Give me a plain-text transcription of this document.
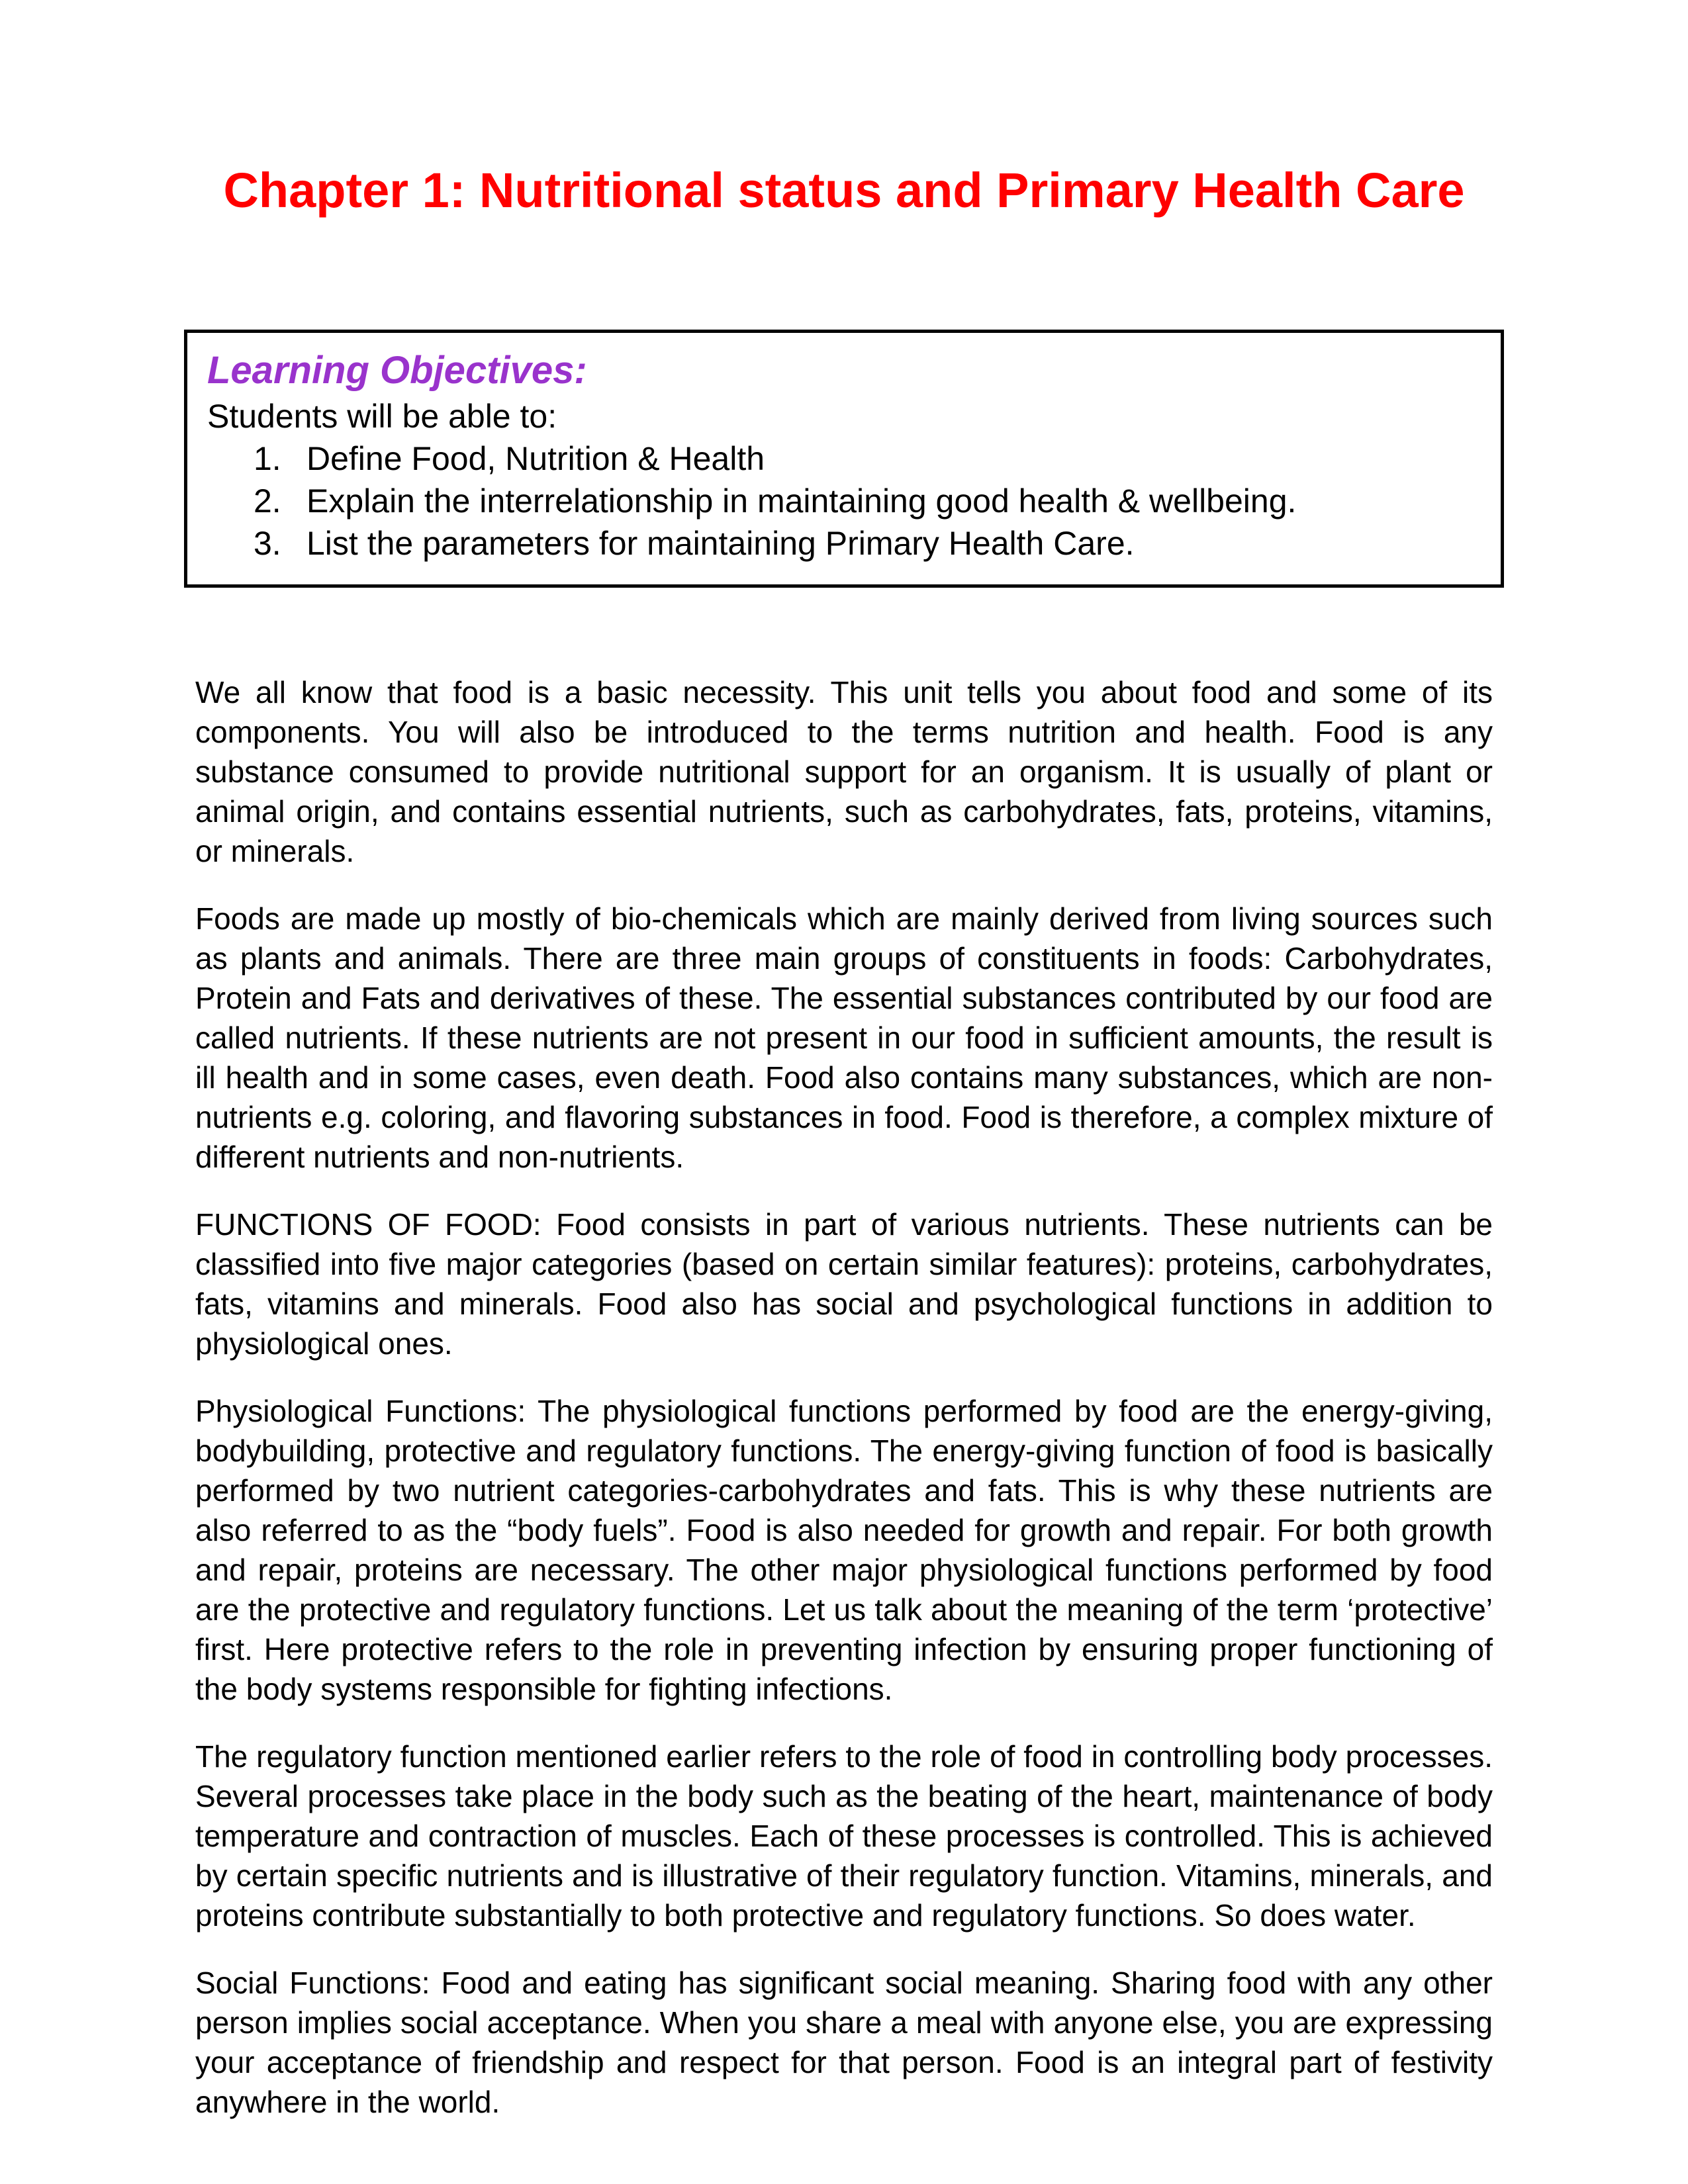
Chapter 1: Nutritional status and Primary Health Care

Learning Objectives:

Students will be able to:

1. Define Food, Nutrition & Health
2. Explain the interrelationship in maintaining good health & wellbeing.
3. List the parameters for maintaining Primary Health Care.

We all know that food is a basic necessity. This unit tells you about food and some of its components. You will also be introduced to the terms nutrition and health. Food is any substance consumed to provide nutritional support for an organism. It is usually of plant or animal origin, and contains essential nutrients, such as carbohydrates, fats, proteins, vitamins, or minerals.

Foods are made up mostly of bio-chemicals which are mainly derived from living sources such as plants and animals. There are three main groups of constituents in foods: Carbohydrates, Protein and Fats and derivatives of these. The essential substances contributed by our food are called nutrients. If these nutrients are not present in our food in sufficient amounts, the result is ill health and in some cases, even death. Food also contains many substances, which are non-nutrients e.g. coloring, and flavoring substances in food. Food is therefore, a complex mixture of different nutrients and non-nutrients.

FUNCTIONS OF FOOD: Food consists in part of various nutrients. These nutrients can be classified into five major categories (based on certain similar features): proteins, carbohydrates, fats, vitamins and minerals. Food also has social and psychological functions in addition to physiological ones.

Physiological Functions: The physiological functions performed by food are the energy-giving, bodybuilding, protective and regulatory functions. The energy-giving function of food is basically performed by two nutrient categories-carbohydrates and fats. This is why these nutrients are also referred to as the “body fuels”. Food is also needed for growth and repair. For both growth and repair, proteins are necessary. The other major physiological functions performed by food are the protective and regulatory functions. Let us talk about the meaning of the term ‘protective’ first. Here protective refers to the role in preventing infection by ensuring proper functioning of the body systems responsible for fighting infections.

The regulatory function mentioned earlier refers to the role of food in controlling body processes. Several processes take place in the body such as the beating of the heart, maintenance of body temperature and contraction of muscles. Each of these processes is controlled. This is achieved by certain specific nutrients and is illustrative of their regulatory function. Vitamins, minerals, and proteins contribute substantially to both protective and regulatory functions. So does water.

Social Functions: Food and eating has significant social meaning. Sharing food with any other person implies social acceptance. When you share a meal with anyone else, you are expressing your acceptance of friendship and respect for that person. Food is an integral part of festivity anywhere in the world.
